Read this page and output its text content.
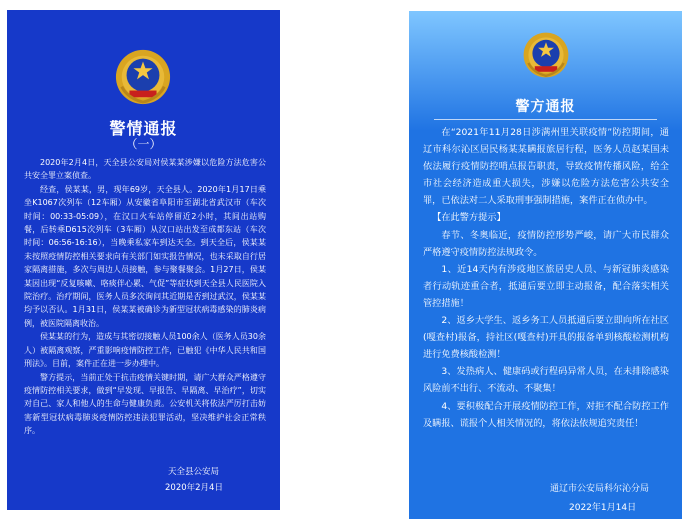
警情通报
（一）

2020年2月4日，天全县公安局对侯某某涉嫌以危险方法危害公共安全罪立案侦查。

经查，侯某某，男，现年69岁，天全县人。2020年1月17日乘坐K1067次列车（12车厢）从安徽省阜阳市至湖北省武汉市（车次时间：00:33-05:09），在汉口火车站停留近2小时，其间出站购餐，后转乘D615次列车（3车厢）从汉口站出发至成都东站（车次时间：06:56-16:16），当晚乘私家车到达天全。到天全后，侯某某未按照疫情防控相关要求向有关部门如实报告情况，也未采取自行居家隔离措施，多次与周边人员接触，参与聚餐聚会。1月27日，侯某某因出现“反复咳嗽、咯痰伴心累、气促”等症状到天全县人民医院入院治疗。治疗期间，医务人员多次询问其近期是否到过武汉，侯某某均予以否认。1月31日，侯某某被确诊为新型冠状病毒感染的肺炎病例，被医院隔离收治。

侯某某的行为，造成与其密切接触人员100余人（医务人员30余人）被隔离观察，严重影响疫情防控工作，已触犯《中华人民共和国刑法》。目前，案件正在进一步办理中。

警方提示，当前正处于抗击疫情关键时期，请广大群众严格遵守疫情防控相关要求，做到“早发现、早报告、早隔离、早治疗”，切实对自己、家人和他人的生命与健康负责。公安机关将依法严厉打击妨害新型冠状病毒肺炎疫情防控违法犯罪活动，坚决维护社会正常秩序。

天全县公安局
2020年2月4日
警方通报

在“2021年11月28日涉满州里关联疫情”防控期间，通辽市科尔沁区居民杨某某瞒报旅居行程，医务人员赵某国未依法履行疫情防控哨点报告职责，导致疫情传播风险，给全市社会经济造成重大损失，涉嫌以危险方法危害公共安全罪，已依法对二人采取刑事强制措施，案件正在侦办中。

【在此警方提示】

春节、冬奥临近，疫情防控形势严峻，请广大市民群众严格遵守疫情防控法规政令。

1、近14天内有涉疫地区旅居史人员、与新冠肺炎感染者行动轨迹重合者，抵通后要立即主动报备，配合落实相关管控措施！

2、返乡大学生、返乡务工人员抵通后要立即向所在社区(嘎查村)报备，持社区(嘎查村)开具的报备单到核酸检测机构进行免费核酸检测！

3、发热病人、健康码或行程码异常人员，在未排除感染风险前不出行、不流动、不聚集！

4、要积极配合开展疫情防控工作，对拒不配合防控工作及瞒报、谎报个人相关情况的，将依法依规追究责任！

通辽市公安局科尔沁分局
2022年1月14日
